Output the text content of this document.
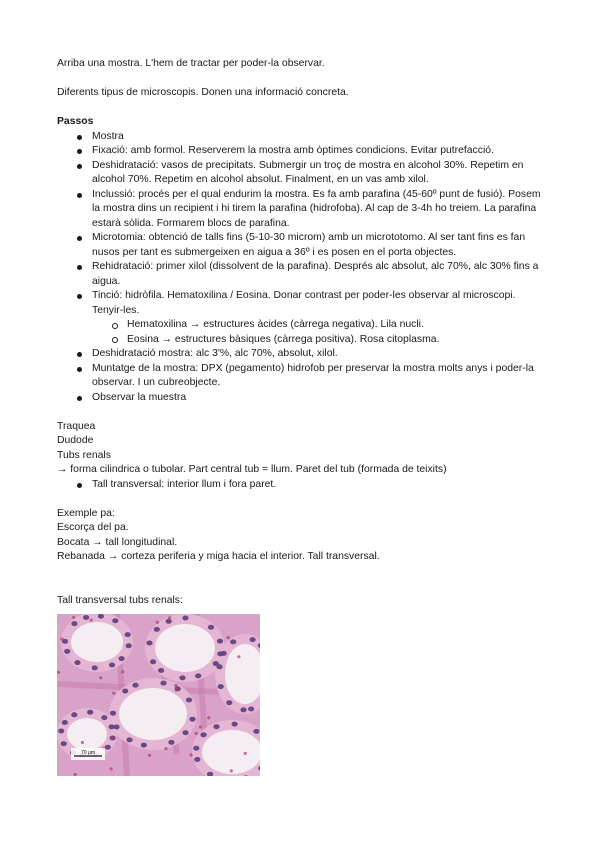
Arriba una mostra. L'hem de tractar per poder-la observar.

Diferents tipus de microscopis. Donen una informació concreta.

Passos

Mostra
Fixació: amb formol. Reserverem la mostra amb òptimes condicions. Evitar putrefacció.
Deshidratació: vasos de precipitats. Submergir un troç de mostra en alcohol 30%. Repetim en alcohol 70%. Repetim en alcohol absolut. Finalment, en un vas amb xilol.
Inclussió: procés per el qual endurim la mostra. Es fa amb parafina (45-60º punt de fusió). Posem la mostra dins un recipient i hi tirem la parafina (hidrofoba). Al cap de 3-4h ho treiem. La parafina estarà sòlida. Formarem blocs de parafina.
Microtomia: obtenció de talls fins (5-10-30 microm) amb un micrototomo. Al ser tant fins es fan nusos per tant es submergeixen en aigua a 36º i es posen en el porta objectes.
Rehidratació: primer xilol (dissolvent de la parafina). Després alc absolut, alc 70%, alc 30% fins a aigua.
Tinció: hidròfila. Hematoxilina / Eosina. Donar contrast per poder-les observar al microscopi. Tenyir-les.
Hematoxilina → estructures àcides (càrrega negativa). Lila nucli.
Eosina → estructures bàsiques (càrrega positiva). Rosa citoplasma.
Deshidratació mostra: alc 3'%, alc 70%, absolut, xilol.
Muntatge de la mostra: DPX (pegamento) hidrofob per preservar la mostra molts anys i poder-la observar. I un cubreobjecte.
Observar la muestra

Traquea

Dudode

Tubs renals

→ forma cilindrica o tubolar. Part central tub = llum. Paret del tub (formada de teixits)

Tall transversal: interior llum i fora paret.

Exemple pa:

Escorça del pa.

Bocata → tall longitudinal.

Rebanada → corteza periferia y miga hacia el interior. Tall transversal.

Tall transversal tubs renals:

70 µm
